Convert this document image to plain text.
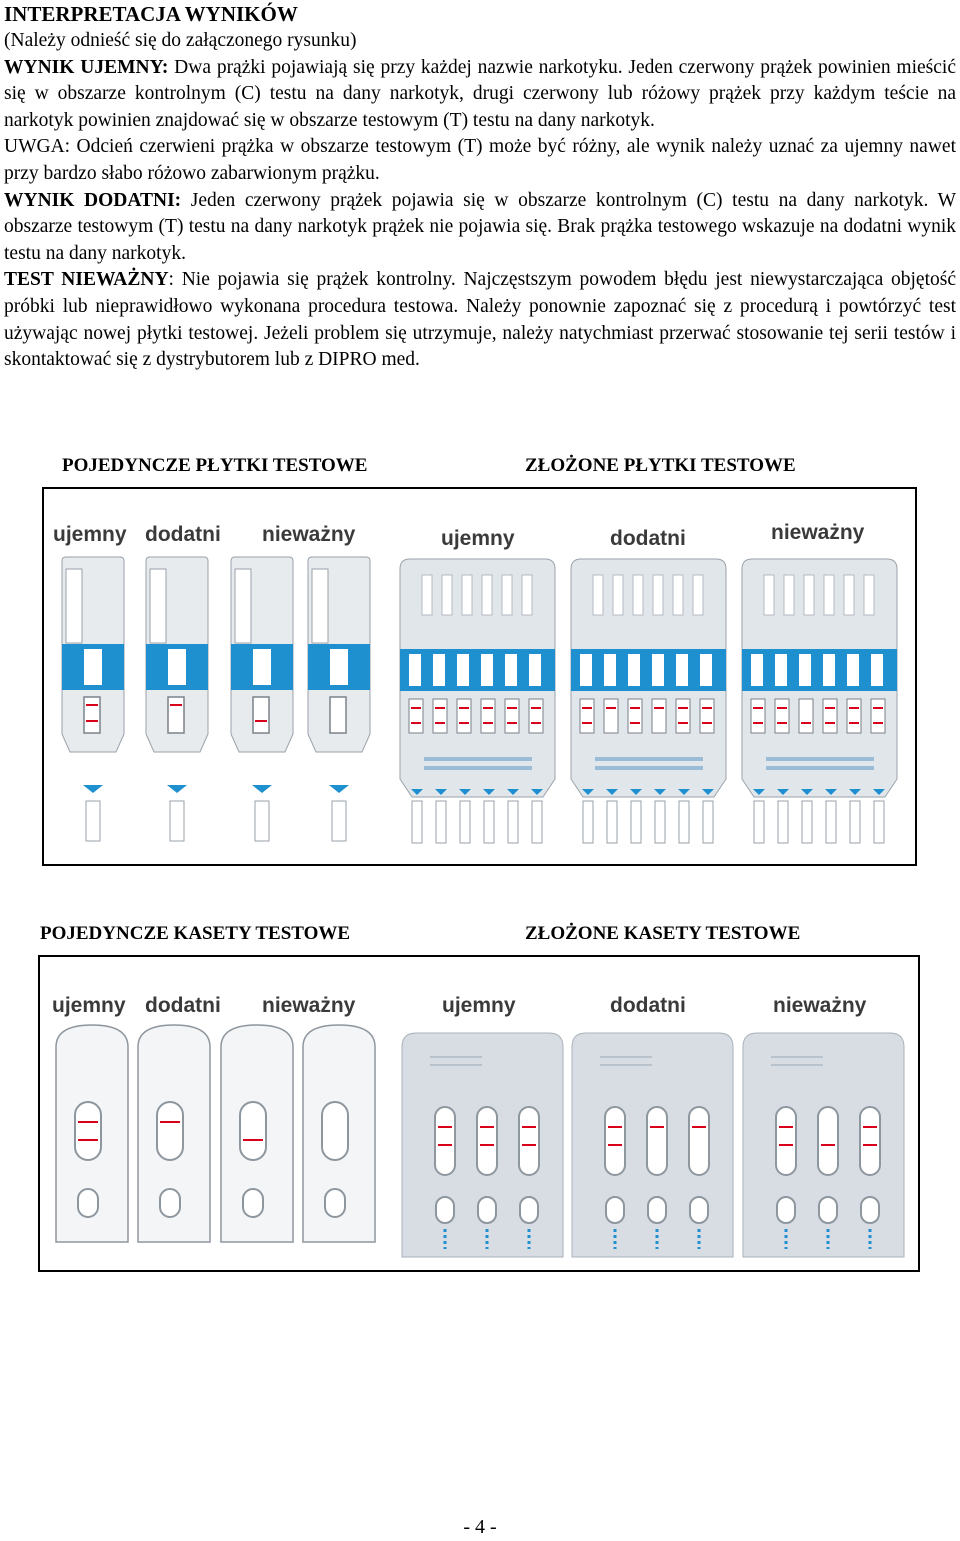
INTERPRETACJA WYNIKÓW

(Należy odnieść się do załączonego rysunku)

WYNIK UJEMNY: Dwa prążki pojawiają się przy każdej nazwie narkotyku. Jeden czerwony prążek powinien mieścić się w obszarze kontrolnym (C) testu na dany narkotyk, drugi czerwony lub różowy prążek przy każdym teście na narkotyk powinien znajdować się w obszarze testowym (T) testu na dany narkotyk.

UWGA: Odcień czerwieni prążka w obszarze testowym (T) może być różny, ale wynik należy uznać za ujemny nawet przy bardzo słabo różowo zabarwionym prążku.

WYNIK DODATNI: Jeden czerwony prążek pojawia się w obszarze kontrolnym (C) testu na dany narkotyk. W obszarze testowym (T) testu na dany narkotyk prążek nie pojawia się. Brak prążka testowego wskazuje na dodatni wynik testu na dany narkotyk.

TEST NIEWAŻNY: Nie pojawia się prążek kontrolny. Najczęstszym powodem błędu jest niewystarczająca objętość próbki lub nieprawidłowo wykonana procedura testowa. Należy ponownie zapoznać się z procedurą i powtórzyć test używając nowej płytki testowej. Jeżeli problem się utrzymuje, należy natychmiast przerwać stosowanie tej serii testów i skontaktować się z dystrybutorem lub z DIPRO med.

POJEDYNCZE PŁYTKI TESTOWE	ZŁOŻONE PŁYTKI TESTOWE
ujemny dodatni nieważny	ujemny	dodatni	nieważny
POJEDYNCZE KASETY TESTOWE	ZŁOŻONE KASETY TESTOWE
ujemny dodatni nieważny	ujemny	dodatni	nieważny
- 4 -
